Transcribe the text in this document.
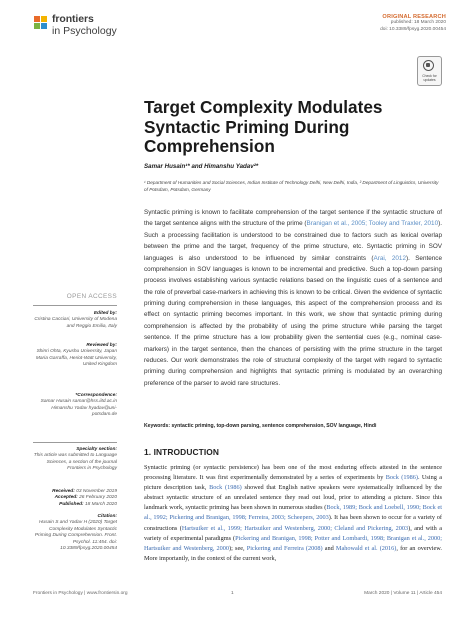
frontiers
in Psychology
ORIGINAL RESEARCH
published: 18 March 2020
doi: 10.3389/fpsyg.2020.00454
Check for updates
Target Complexity Modulates Syntactic Priming During Comprehension
Samar Husain¹* and Himanshu Yadav²*
¹ Department of Humanities and Social Sciences, Indian Institute of Technology Delhi, New Delhi, India, ² Department of Linguistics, University of Potsdam, Potsdam, Germany
Syntactic priming is known to facilitate comprehension of the target sentence if the syntactic structure of the target sentence aligns with the structure of the prime (Branigan et al., 2005; Tooley and Traxler, 2010). Such a processing facilitation is understood to be constrained due to factors such as lexical overlap between the prime and the target, frequency of the prime structure, etc. Syntactic priming in SOV languages is also understood to be influenced by similar constraints (Arai, 2012). Sentence comprehension in SOV languages is known to be incremental and predictive. Such a top-down parsing process involves establishing various syntactic relations based on the linguistic cues of a sentence and the role of preverbal case-markers in achieving this is known to be critical. Given the evidence of syntactic priming during comprehension in these languages, this aspect of the comprehension process and its effect on syntactic priming becomes important. In this work, we show that syntactic priming during comprehension is affected by the probability of using the prime structure while parsing the target sentence. If the prime structure has a low probability given the sentential cues (e.g., nominal case-markers) in the target sentence, then the chances of persisting with the prime structure in the target reduces. Our work demonstrates the role of structural complexity of the target with regard to syntactic priming during comprehension and highlights that syntactic priming is modulated by an overarching preference of the parser to avoid rare structures.
Keywords: syntactic priming, top-down parsing, sentence comprehension, SOV language, Hindi
1. INTRODUCTION
Syntactic priming (or syntactic persistence) has been one of the most enduring effects attested in the sentence processing literature. It was first experimentally demonstrated by a series of experiments by Bock (1986). Using a picture description task, Bock (1986) showed that English native speakers were systematically influenced by the abstract syntactic structure of an unrelated sentence they read out loud, prior to attending a picture. Since this landmark work, syntactic priming has been shown in numerous studies (Bock, 1989; Bock and Loebell, 1990; Bock et al., 1992; Pickering and Branigan, 1998; Ferreira, 2003; Scheepers, 2003). It has been shown to occur for a variety of constructions (Hartsuiker et al., 1999; Hartsuiker and Westenberg, 2000; Cleland and Pickering, 2003), and with a variety of experimental paradigms (Pickering and Branigan, 1998; Potter and Lombardi, 1998; Branigan et al., 2000; Hartsuiker and Westenberg, 2000); see, Pickering and Ferreira (2008) and Mahowald et al. (2016), for an overview. More importantly, in the context of the current work,
OPEN ACCESS
Edited by:
Cristina Cacciari, University of Modena and Reggio Emilia, Italy
Reviewed by:
Shinri Ohta, Kyushu University, Japan Maria Garraffa, Heriot-Watt University, United Kingdom
*Correspondence:
Samar Husain samar@hss.iitd.ac.in Himanshu Yadav hyadav@uni-potsdam.de
Specialty section:
This article was submitted to Language Sciences, a section of the journal Frontiers in Psychology
Received: 03 November 2019
Accepted: 26 February 2020
Published: 18 March 2020
Citation:
Husain S and Yadav H (2020) Target Complexity Modulates Syntactic Priming During Comprehension. Front. Psychol. 11:454. doi: 10.3389/fpsyg.2020.00454
Frontiers in Psychology | www.frontiersin.org	1	March 2020 | Volume 11 | Article 454
